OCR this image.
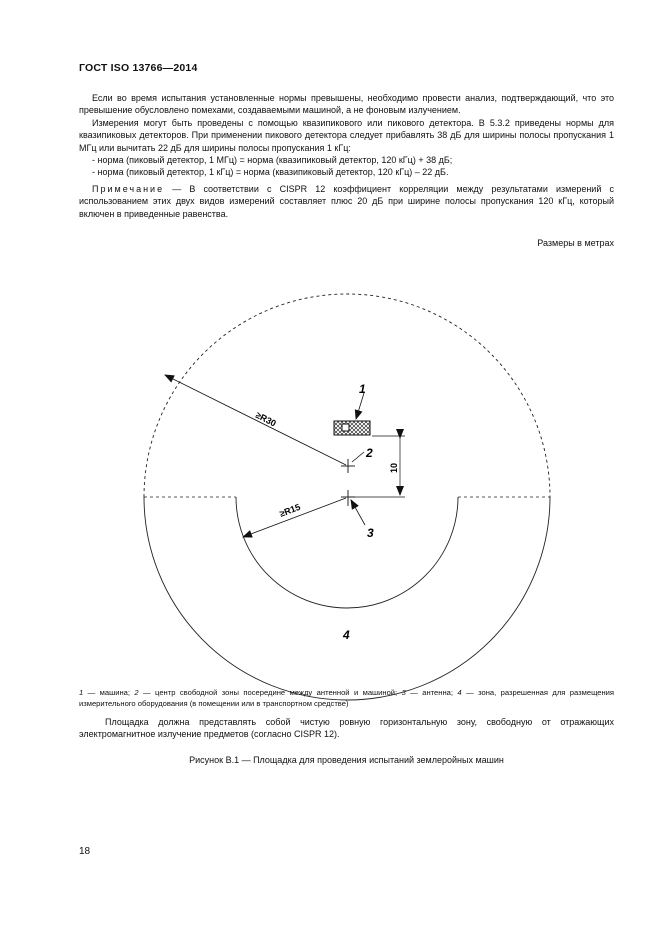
ГОСТ ISO 13766—2014

Если во время испытания установленные нормы превышены, необходимо провести анализ, подтверждающий, что это превышение обусловлено помехами, создаваемыми машиной, а не фоновым излучением.

Измерения могут быть проведены с помощью квазипикового или пикового детектора. В 5.3.2 приведены нормы для квазипиковых детекторов. При применении пикового детектора следует прибавлять 38 дБ для ширины полосы пропускания 1 МГц или вычитать 22 дБ для ширины полосы пропускания 1 кГц:

- норма (пиковый детектор, 1 МГц) = норма (квазипиковый детектор, 120 кГц) + 38 дБ;
- норма (пиковый детектор, 1 кГц) = норма (квазипиковый детектор, 120 кГц) – 22 дБ.

Примечание — В соответствии с CISPR 12 коэффициент корреляции между результатами измерений с использованием этих двух видов измерений составляет плюс 20 дБ при ширине полосы пропускания 120 кГц, который включен в приведенные равенства.

Размеры в метрах
≥R30
≥R15
10
1
2
3
4
1 — машина; 2 — центр свободной зоны посередине между антенной и машиной; 3 — антенна; 4 — зона, разрешенная для размещения измерительного оборудования (в помещении или в транспортном средстве)
Площадка должна представлять собой чистую ровную горизонтальную зону, свободную от отражающих электромагнитное излучение предметов (согласно CISPR 12).
Рисунок В.1 — Площадка для проведения испытаний землеройных машин
18
